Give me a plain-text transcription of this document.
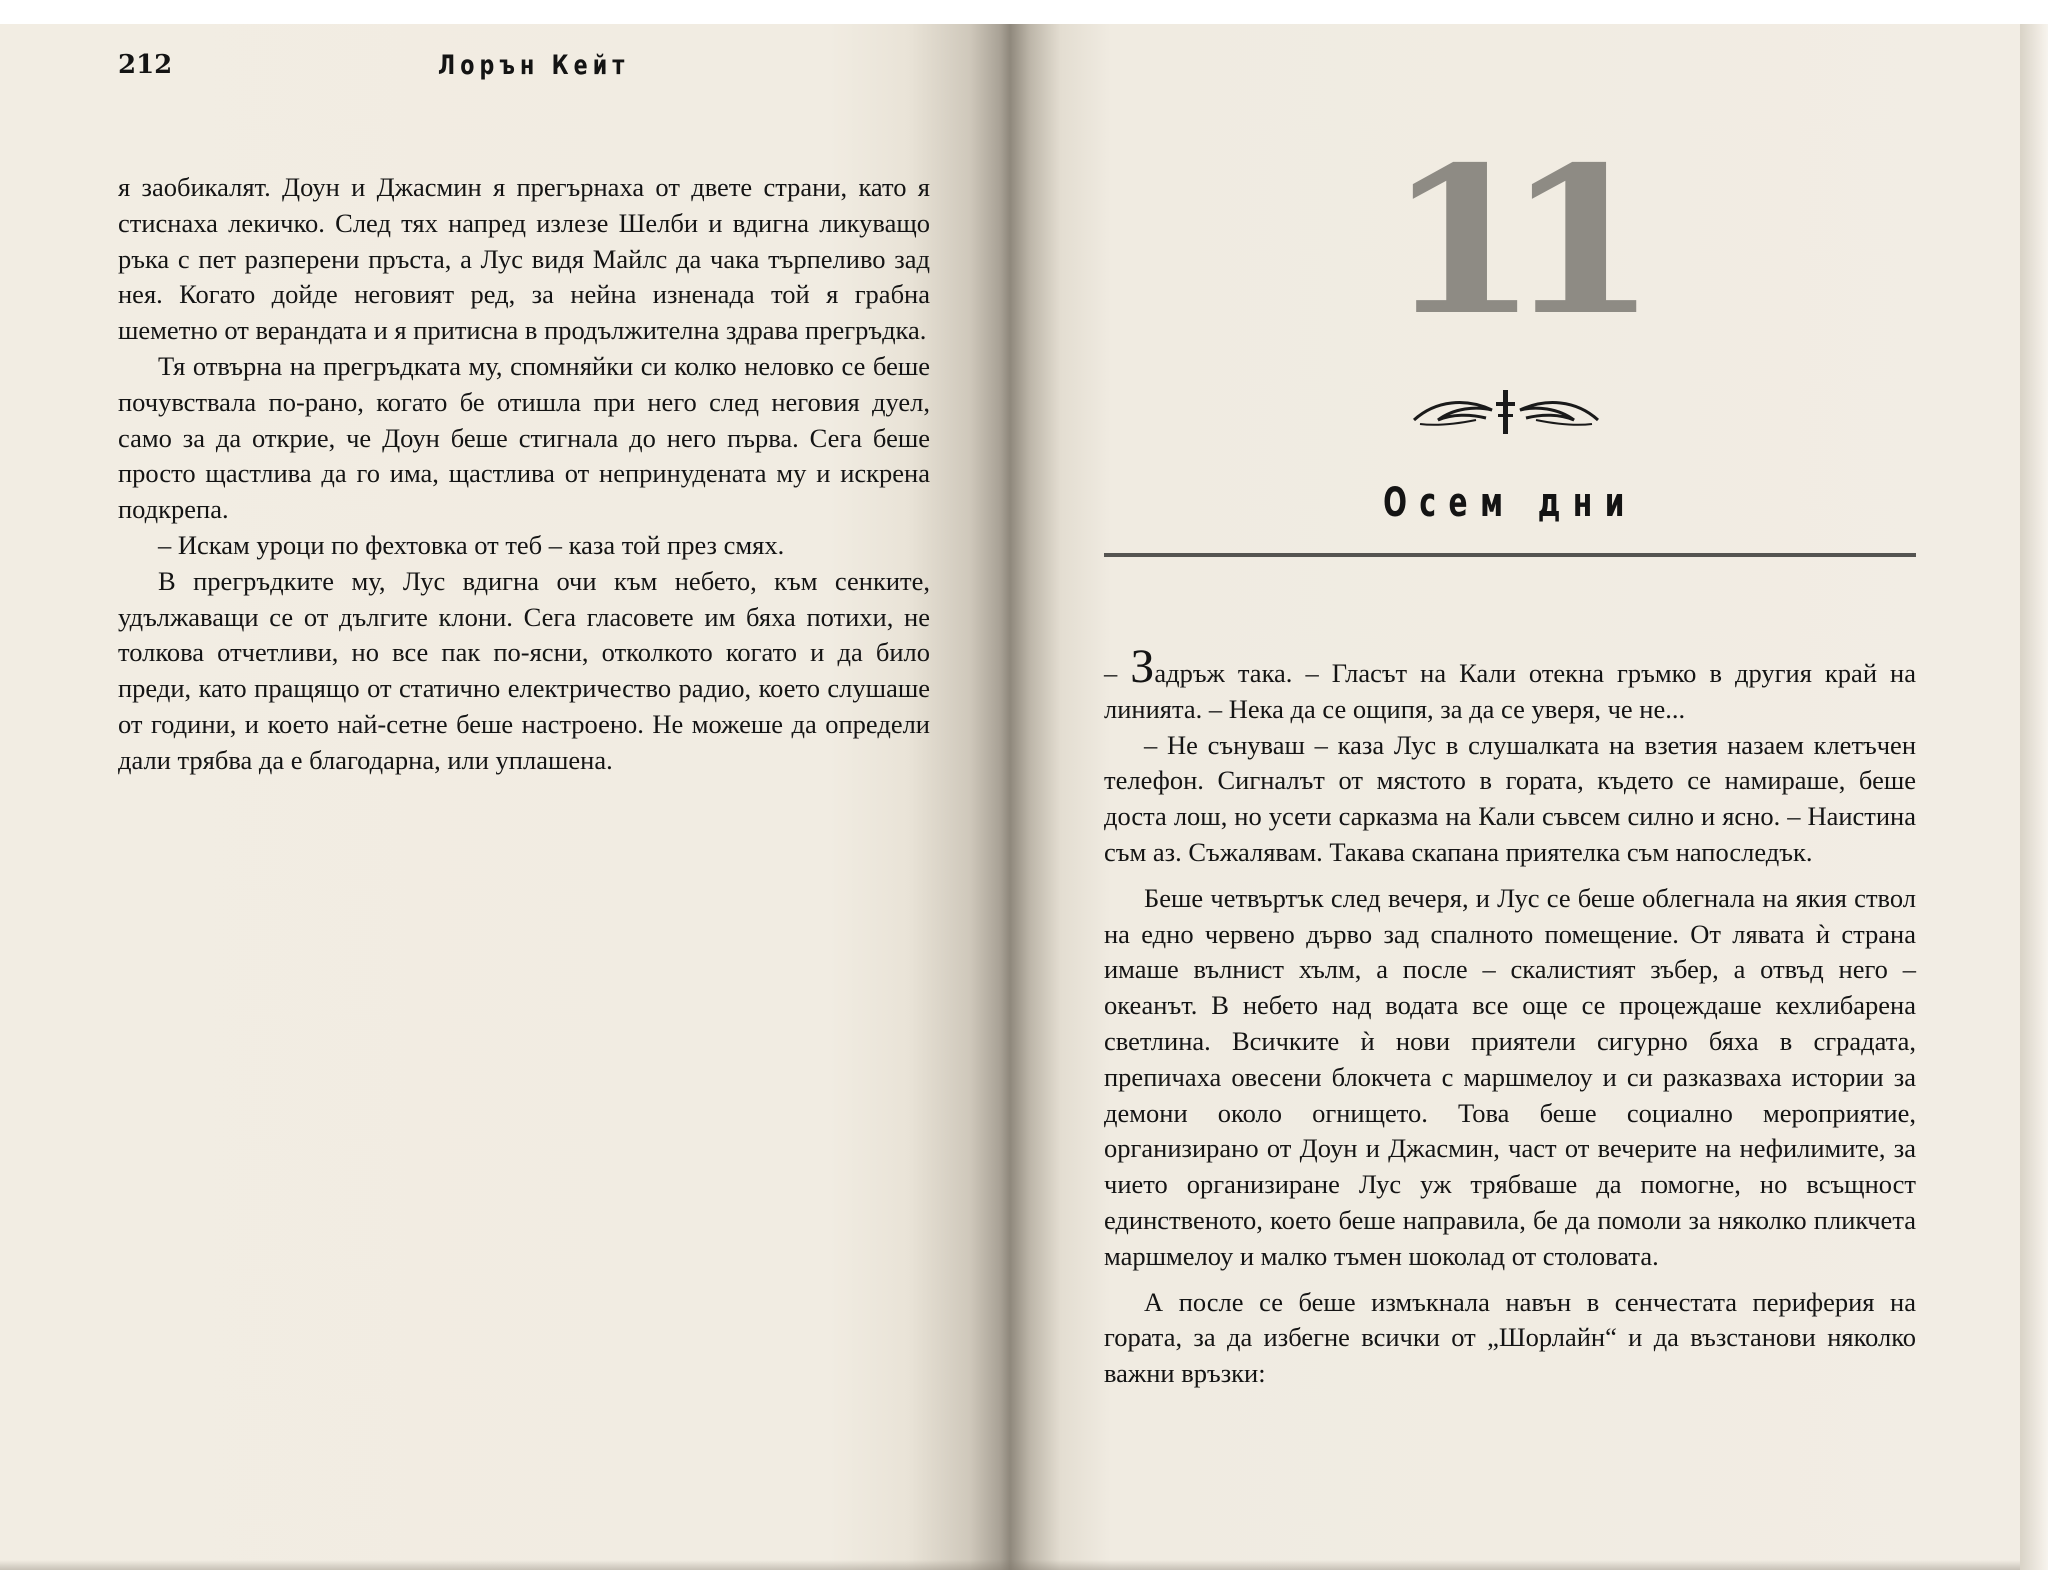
212	Лорън Кейт

я заобикалят. Доун и Джасмин я прегърнаха от двете страни, като я стиснаха лекичко. След тях напред излезе Шелби и вдигна ликуващо ръка с пет разперени пръста, а Лус видя Майлс да чака търпеливо зад нея. Когато дойде неговият ред, за нейна изненада той я грабна шеметно от верандата и я притисна в продължителна здрава прегръдка.

Тя отвърна на прегръдката му, спомняйки си колко неловко се беше почувствала по-рано, когато бе отишла при него след неговия дуел, само за да открие, че Доун беше стигнала до него първа. Сега беше просто щастлива да го има, щастлива от непринудената му и искрена подкрепа.

– Искам уроци по фехтовка от теб – каза той през смях.

В прегръдките му, Лус вдигна очи към небето, към сенките, удължаващи се от дългите клони. Сега гласовете им бяха потихи, не толкова отчетливи, но все пак по-ясни, отколкото когато и да било преди, като пращящо от статично електричество радио, което слушаше от години, и което най-сетне беше настроено. Не можеше да определи дали трябва да е благодарна, или уплашена.

11
Осем дни

– Задръж така. – Гласът на Кали отекна гръмко в другия край на линията. – Нека да се ощипя, за да се уверя, че не...

– Не сънуваш – каза Лус в слушалката на взетия назаем клетъчен телефон. Сигналът от мястото в гората, където се намираше, беше доста лош, но усети сарказма на Кали съвсем силно и ясно. – Наистина съм аз. Съжалявам. Такава скапана приятелка съм напоследък.

Беше четвъртък след вечеря, и Лус се беше облегнала на якия ствол на едно червено дърво зад спалното помещение. От лявата ѝ страна имаше вълнист хълм, а после – скалистият зъбер, а отвъд него – океанът. В небето над водата все още се процеждаше кехлибарена светлина. Всичките ѝ нови приятели сигурно бяха в сградата, препичаха овесени блокчета с маршмелоу и си разказваха истории за демони около огнището. Това беше социално мероприятие, организирано от Доун и Джасмин, част от вечерите на нефилимите, за чието организиране Лус уж трябваше да помогне, но всъщност единственото, което беше направила, бе да помоли за няколко пликчета маршмелоу и малко тъмен шоколад от столовата.

А после се беше измъкнала навън в сенчестата периферия на гората, за да избегне всички от „Шорлайн“ и да възстанови няколко важни връзки:
